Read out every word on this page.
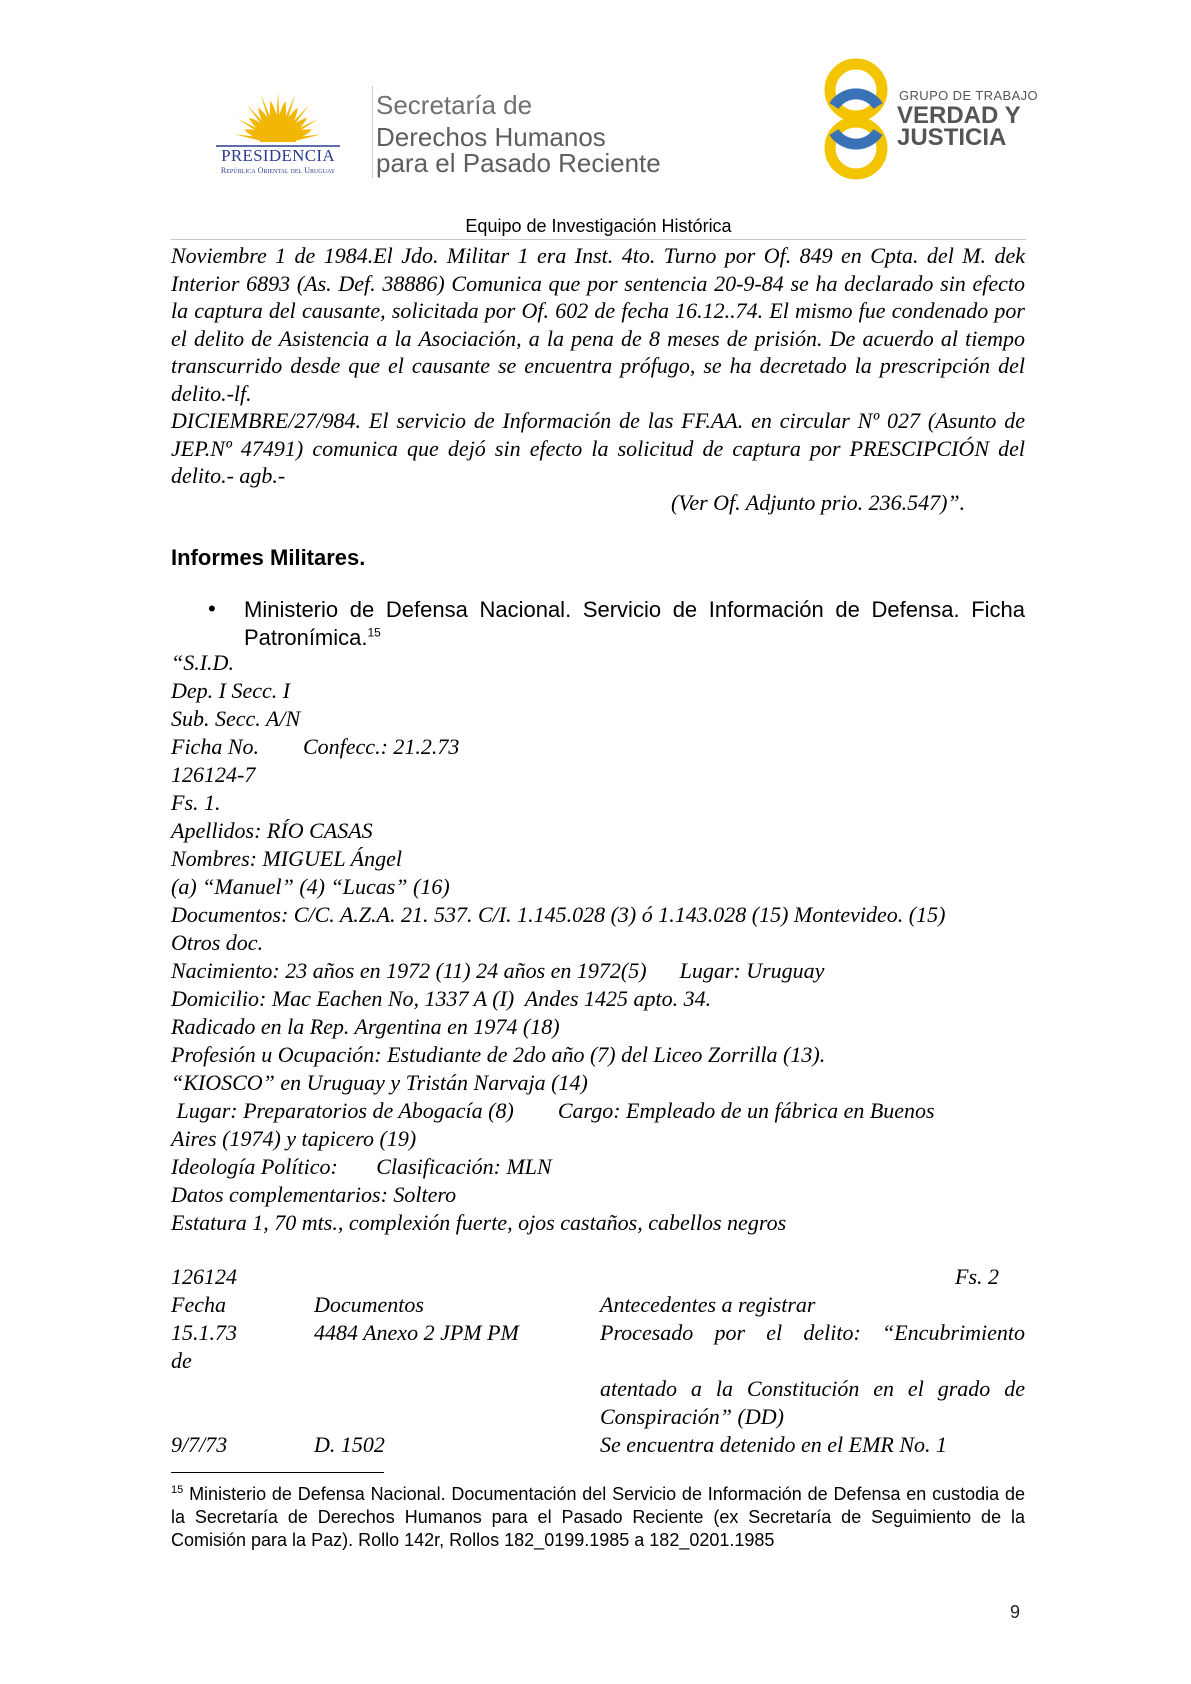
PRESIDENCIA
República Oriental del Uruguay
Secretaría de
Derechos Humanos
para el Pasado Reciente
GRUPO DE TRABAJO
VERDAD Y
JUSTICIA
Equipo de Investigación Histórica
Noviembre 1 de 1984.El Jdo. Militar 1 era Inst. 4to. Turno por Of. 849 en Cpta. del M. dek Interior 6893 (As. Def. 38886) Comunica que por sentencia 20-9-84 se ha declarado sin efecto la captura del causante, solicitada por Of. 602 de fecha 16.12..74. El mismo fue condenado por el delito de Asistencia a la Asociación, a la pena de 8 meses de prisión. De acuerdo al tiempo transcurrido desde que el causante se encuentra prófugo, se ha decretado la prescripción del delito.-lf.
DICIEMBRE/27/984. El servicio de Información de las FF.AA. en circular Nº 027 (Asunto de JEP.Nº 47491) comunica que dejó sin efecto la solicitud de captura por PRESCIPCIÓN del delito.- agb.-
(Ver Of. Adjunto prio. 236.547)”.
Informes Militares.
• Ministerio de Defensa Nacional. Servicio de Información de Defensa. Ficha Patronímica.$^{15}$
“S.I.D.
Dep. I Secc. I
Sub. Secc. A/N
Ficha No.        Confecc.: 21.2.73
126124-7
Fs. 1.
Apellidos: RÍO CASAS
Nombres: MIGUEL Ángel
(a) “Manuel” (4) “Lucas” (16)
Documentos: C/C. A.Z.A. 21. 537. C/I. 1.145.028 (3) ó 1.143.028 (15) Montevideo. (15)
Otros doc.
Nacimiento: 23 años en 1972 (11) 24 años en 1972(5)      Lugar: Uruguay
Domicilio: Mac Eachen No, 1337 A (I)  Andes 1425 apto. 34.
Radicado en la Rep. Argentina en 1974 (18)
Profesión u Ocupación: Estudiante de 2do año (7) del Liceo Zorrilla (13).
“KIOSCO” en Uruguay y Tristán Narvaja (14)
Lugar: Preparatorios de Abogacía (8)        Cargo: Empleado de un fábrica en Buenos
Aires (1974) y tapicero (19)
Ideología Político:       Clasificación: MLN
Datos complementarios: Soltero
Estatura 1, 70 mts., complexión fuerte, ojos castaños, cabellos negros
126124	Fs. 2
Fecha	Documentos	Antecedentes a registrar
15.1.73	4484 Anexo 2 JPM PM	Procesado por el delito: “Encubrimiento
de
atentado a la Constitución en el grado de
Conspiración” (DD)
9/7/73	D. 1502	Se encuentra detenido en el EMR No. 1
$^{15}$ Ministerio de Defensa Nacional. Documentación del Servicio de Información de Defensa en custodia de la Secretaría de Derechos Humanos para el Pasado Reciente (ex Secretaría de Seguimiento de la Comisión para la Paz). Rollo 142r, Rollos 182_0199.1985 a 182_0201.1985
9
